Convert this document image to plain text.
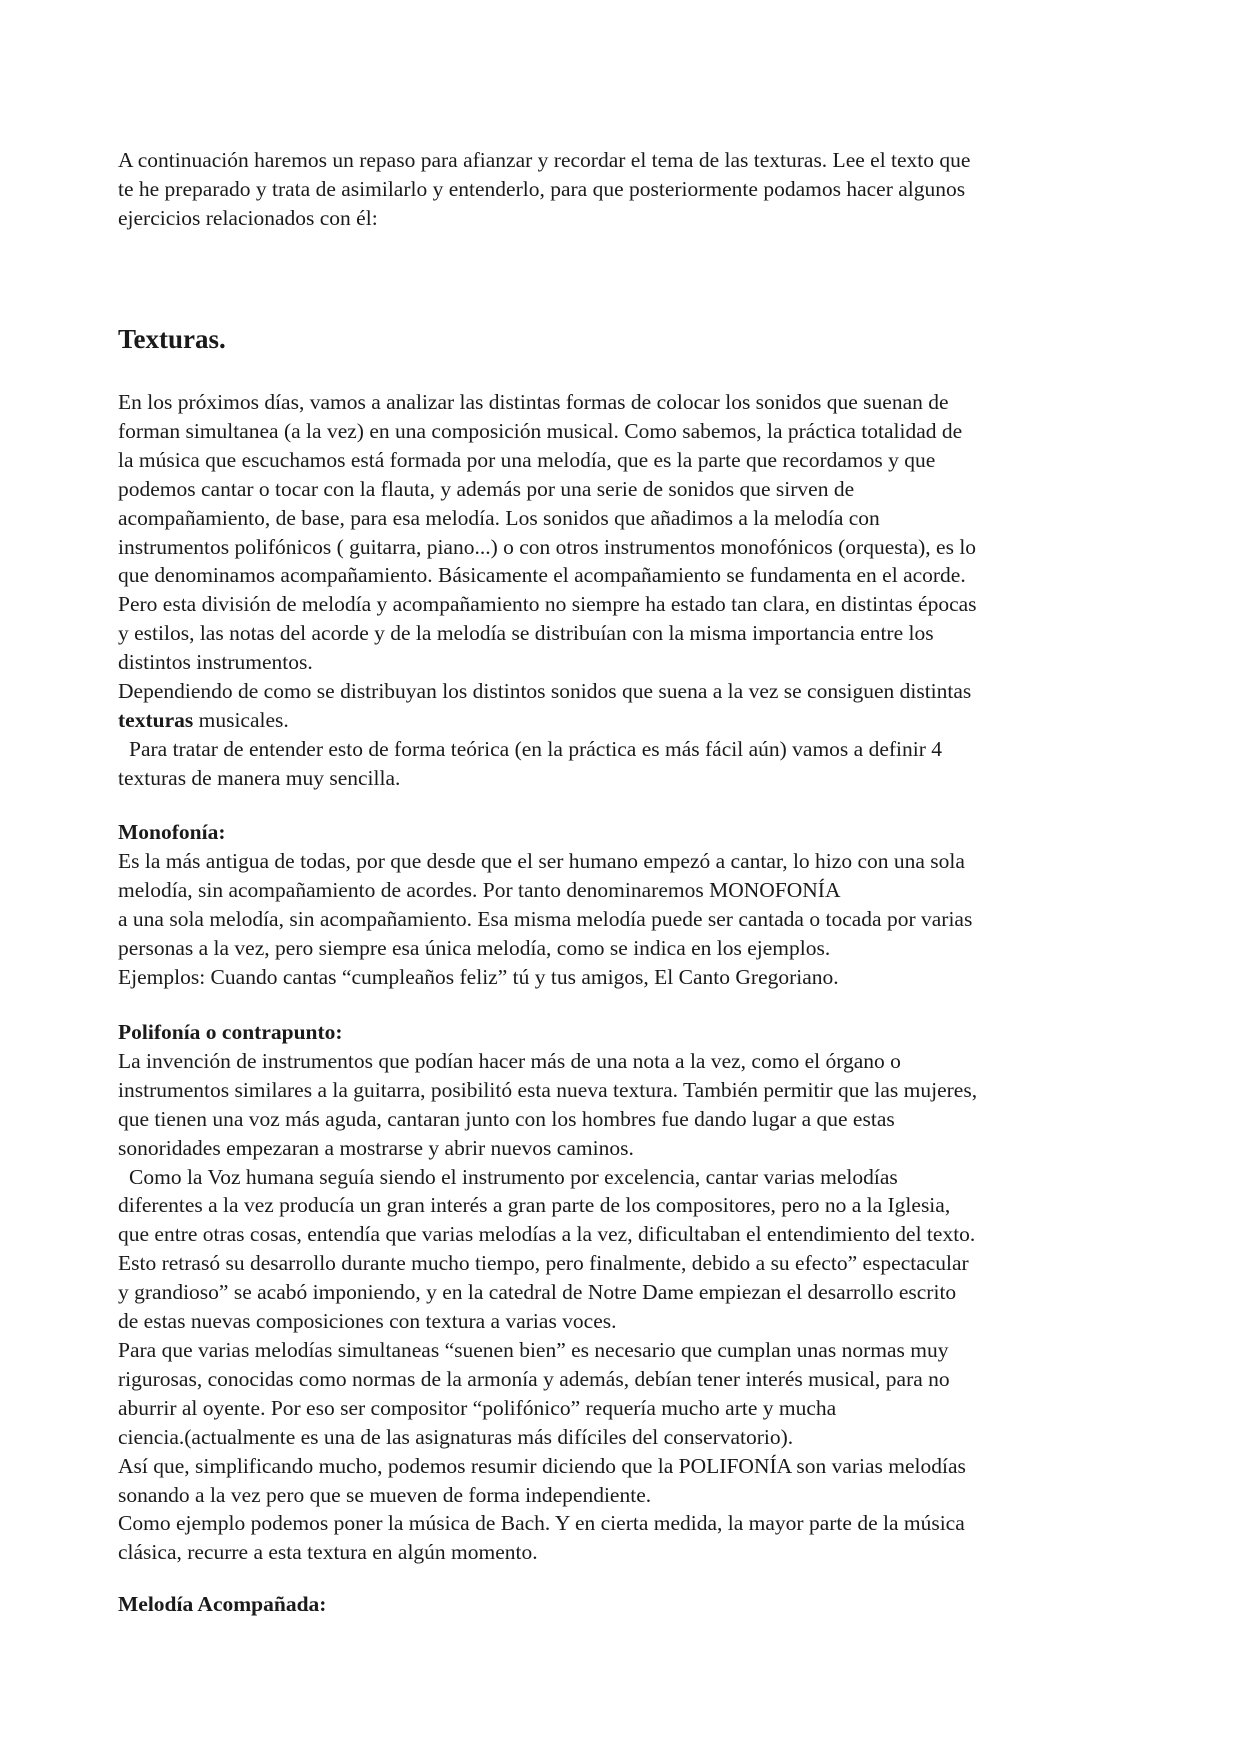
A continuación haremos un repaso para afianzar y recordar el tema de las texturas. Lee el texto que

te he preparado y trata de asimilarlo y entenderlo, para que posteriormente podamos hacer algunos

ejercicios relacionados con él:

Texturas.

En los próximos días, vamos a analizar las distintas formas de colocar los sonidos que suenan de

forman simultanea (a la vez) en una composición musical. Como sabemos, la práctica totalidad de

la música que escuchamos está formada por una melodía, que es la parte que recordamos y que

podemos cantar o tocar con la flauta, y además por una serie de sonidos que sirven de

acompañamiento, de base, para esa melodía. Los sonidos que añadimos a la melodía con

instrumentos polifónicos ( guitarra, piano...) o con otros instrumentos monofónicos (orquesta), es lo

que denominamos acompañamiento. Básicamente el acompañamiento se fundamenta en el acorde.

Pero esta división de melodía y acompañamiento no siempre ha estado tan clara, en distintas épocas

y estilos, las notas del acorde y de la melodía se distribuían con la misma importancia entre los

distintos instrumentos.

Dependiendo de como se distribuyan los distintos sonidos que suena a la vez se consiguen distintas

texturas musicales.

Para tratar de entender esto de forma teórica (en la práctica es más fácil aún) vamos a definir 4

texturas de manera muy sencilla.

Monofonía:

Es la más antigua de todas, por que desde que el ser humano empezó a cantar, lo hizo con una sola

melodía, sin acompañamiento de acordes. Por tanto denominaremos MONOFONÍA

a una sola melodía, sin acompañamiento. Esa misma melodía puede ser cantada o tocada por varias

personas a la vez, pero siempre esa única melodía, como se indica en los ejemplos.

Ejemplos: Cuando cantas “cumpleaños feliz” tú y tus amigos, El Canto Gregoriano.

Polifonía o contrapunto:

La invención de instrumentos que podían hacer más de una nota a la vez, como el órgano o

instrumentos similares a la guitarra, posibilitó esta nueva textura. También permitir que las mujeres,

que tienen una voz más aguda, cantaran junto con los hombres fue dando lugar a que estas

sonoridades empezaran a mostrarse y abrir nuevos caminos.

Como la Voz humana seguía siendo el instrumento por excelencia, cantar varias melodías

diferentes a la vez producía un gran interés a gran parte de los compositores, pero no a la Iglesia,

que entre otras cosas, entendía que varias melodías a la vez, dificultaban el entendimiento del texto.

Esto retrasó su desarrollo durante mucho tiempo, pero finalmente, debido a su efecto” espectacular

y grandioso” se acabó imponiendo, y en la catedral de Notre Dame empiezan el desarrollo escrito

de estas nuevas composiciones con textura a varias voces.

Para que varias melodías simultaneas “suenen bien” es necesario que cumplan unas normas muy

rigurosas, conocidas como normas de la armonía y además, debían tener interés musical, para no

aburrir al oyente. Por eso ser compositor “polifónico” requería mucho arte y mucha

ciencia.(actualmente es una de las asignaturas más difíciles del conservatorio).

Así que, simplificando mucho, podemos resumir diciendo que la POLIFONÍA son varias melodías

sonando a la vez pero que se mueven de forma independiente.

Como ejemplo podemos poner la música de Bach. Y en cierta medida, la mayor parte de la música

clásica, recurre a esta textura en algún momento.

Melodía Acompañada:
